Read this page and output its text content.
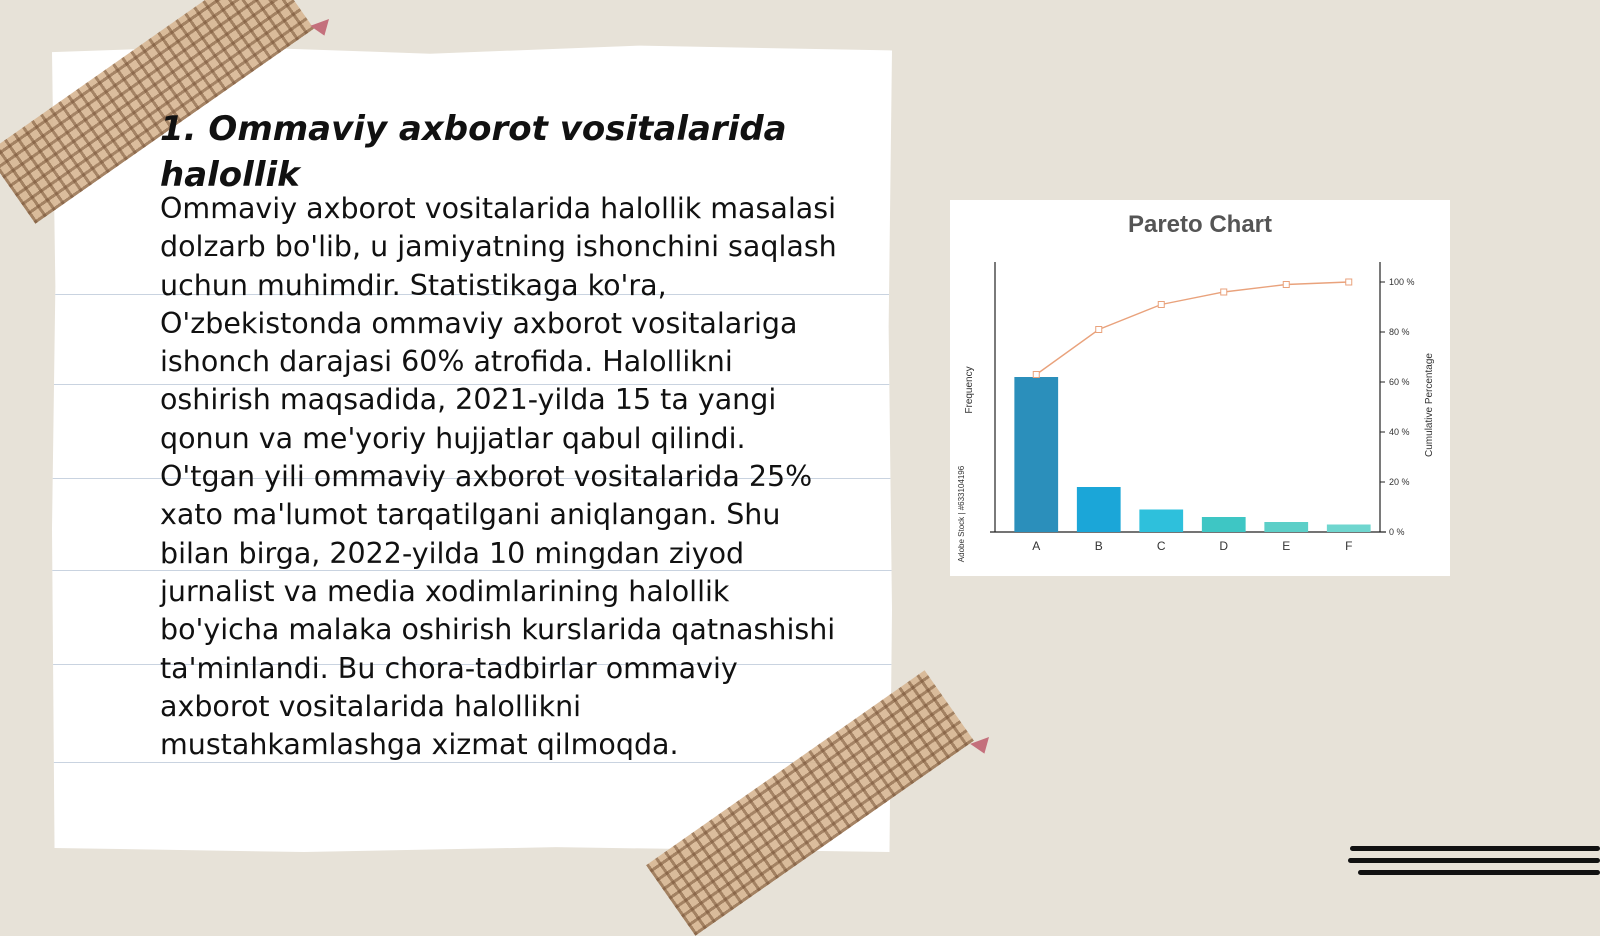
1. Ommaviy axborot vositalarida halollik

Ommaviy axborot vositalarida halollik masalasi dolzarb bo'lib, u jamiyatning ishonchini saqlash uchun muhimdir. Statistikaga ko'ra, O'zbekistonda ommaviy axborot vositalariga ishonch darajasi 60% atrofida. Halollikni oshirish maqsadida, 2021-yilda 15 ta yangi qonun va me'yoriy hujjatlar qabul qilindi. O'tgan yili ommaviy axborot vositalarida 25% xato ma'lumot tarqatilgani aniqlangan. Shu bilan birga, 2022-yilda 10 mingdan ziyod jurnalist va media xodimlarining halollik bo'yicha malaka oshirish kurslarida qatnashishi ta'minlandi. Bu chora-tadbirlar ommaviy axborot vositalarida halollikni mustahkamlashga xizmat qilmoqda.

Pareto Chart
Frequency	Cumulative Percentage
Adobe Stock | #633104196	A	B	C	D	E	F
0 %
20 %
40 %
60 %
80 %
100 %
